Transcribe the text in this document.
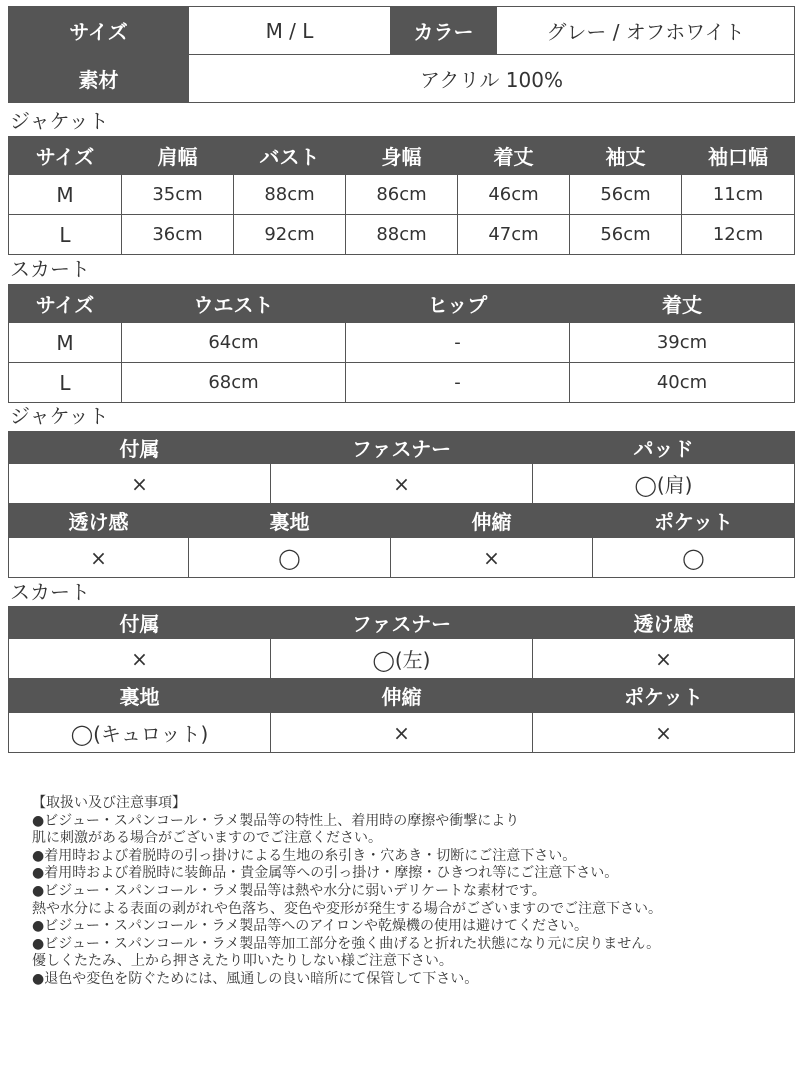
サイズ	M / L	カラー	グレー / オフホワイト
素材	アクリル 100%		
ジャケット
サイズ	肩幅	バスト	身幅	着丈	袖丈	袖口幅
M	35cm	88cm	86cm	46cm	56cm	11cm
L	36cm	92cm	88cm	47cm	56cm	12cm
スカート
サイズ	ウエスト	ヒップ	着丈
M	64cm	-	39cm
L	68cm	-	40cm
ジャケット
付属	ファスナー	パッド
×	×	◯(肩)
透け感	裏地	伸縮	ポケット
×	◯	×	◯
スカート
付属	ファスナー	透け感
×	◯(左)	×
裏地	伸縮	ポケット
◯(キュロット)	×	×
【取扱い及び注意事項】
●ビジュー・スパンコール・ラメ製品等の特性上、着用時の摩擦や衝撃により
肌に刺激がある場合がございますのでご注意ください。
●着用時および着脱時の引っ掛けによる生地の糸引き・穴あき・切断にご注意下さい。
●着用時および着脱時に装飾品・貴金属等への引っ掛け・摩擦・ひきつれ等にご注意下さい。
●ビジュー・スパンコール・ラメ製品等は熱や水分に弱いデリケートな素材です。
熱や水分による表面の剥がれや色落ち、変色や変形が発生する場合がございますのでご注意下さい。
●ビジュー・スパンコール・ラメ製品等へのアイロンや乾燥機の使用は避けてください。
●ビジュー・スパンコール・ラメ製品等加工部分を強く曲げると折れた状態になり元に戻りません。
優しくたたみ、上から押さえたり叩いたりしない様ご注意下さい。
●退色や変色を防ぐためには、風通しの良い暗所にて保管して下さい。
